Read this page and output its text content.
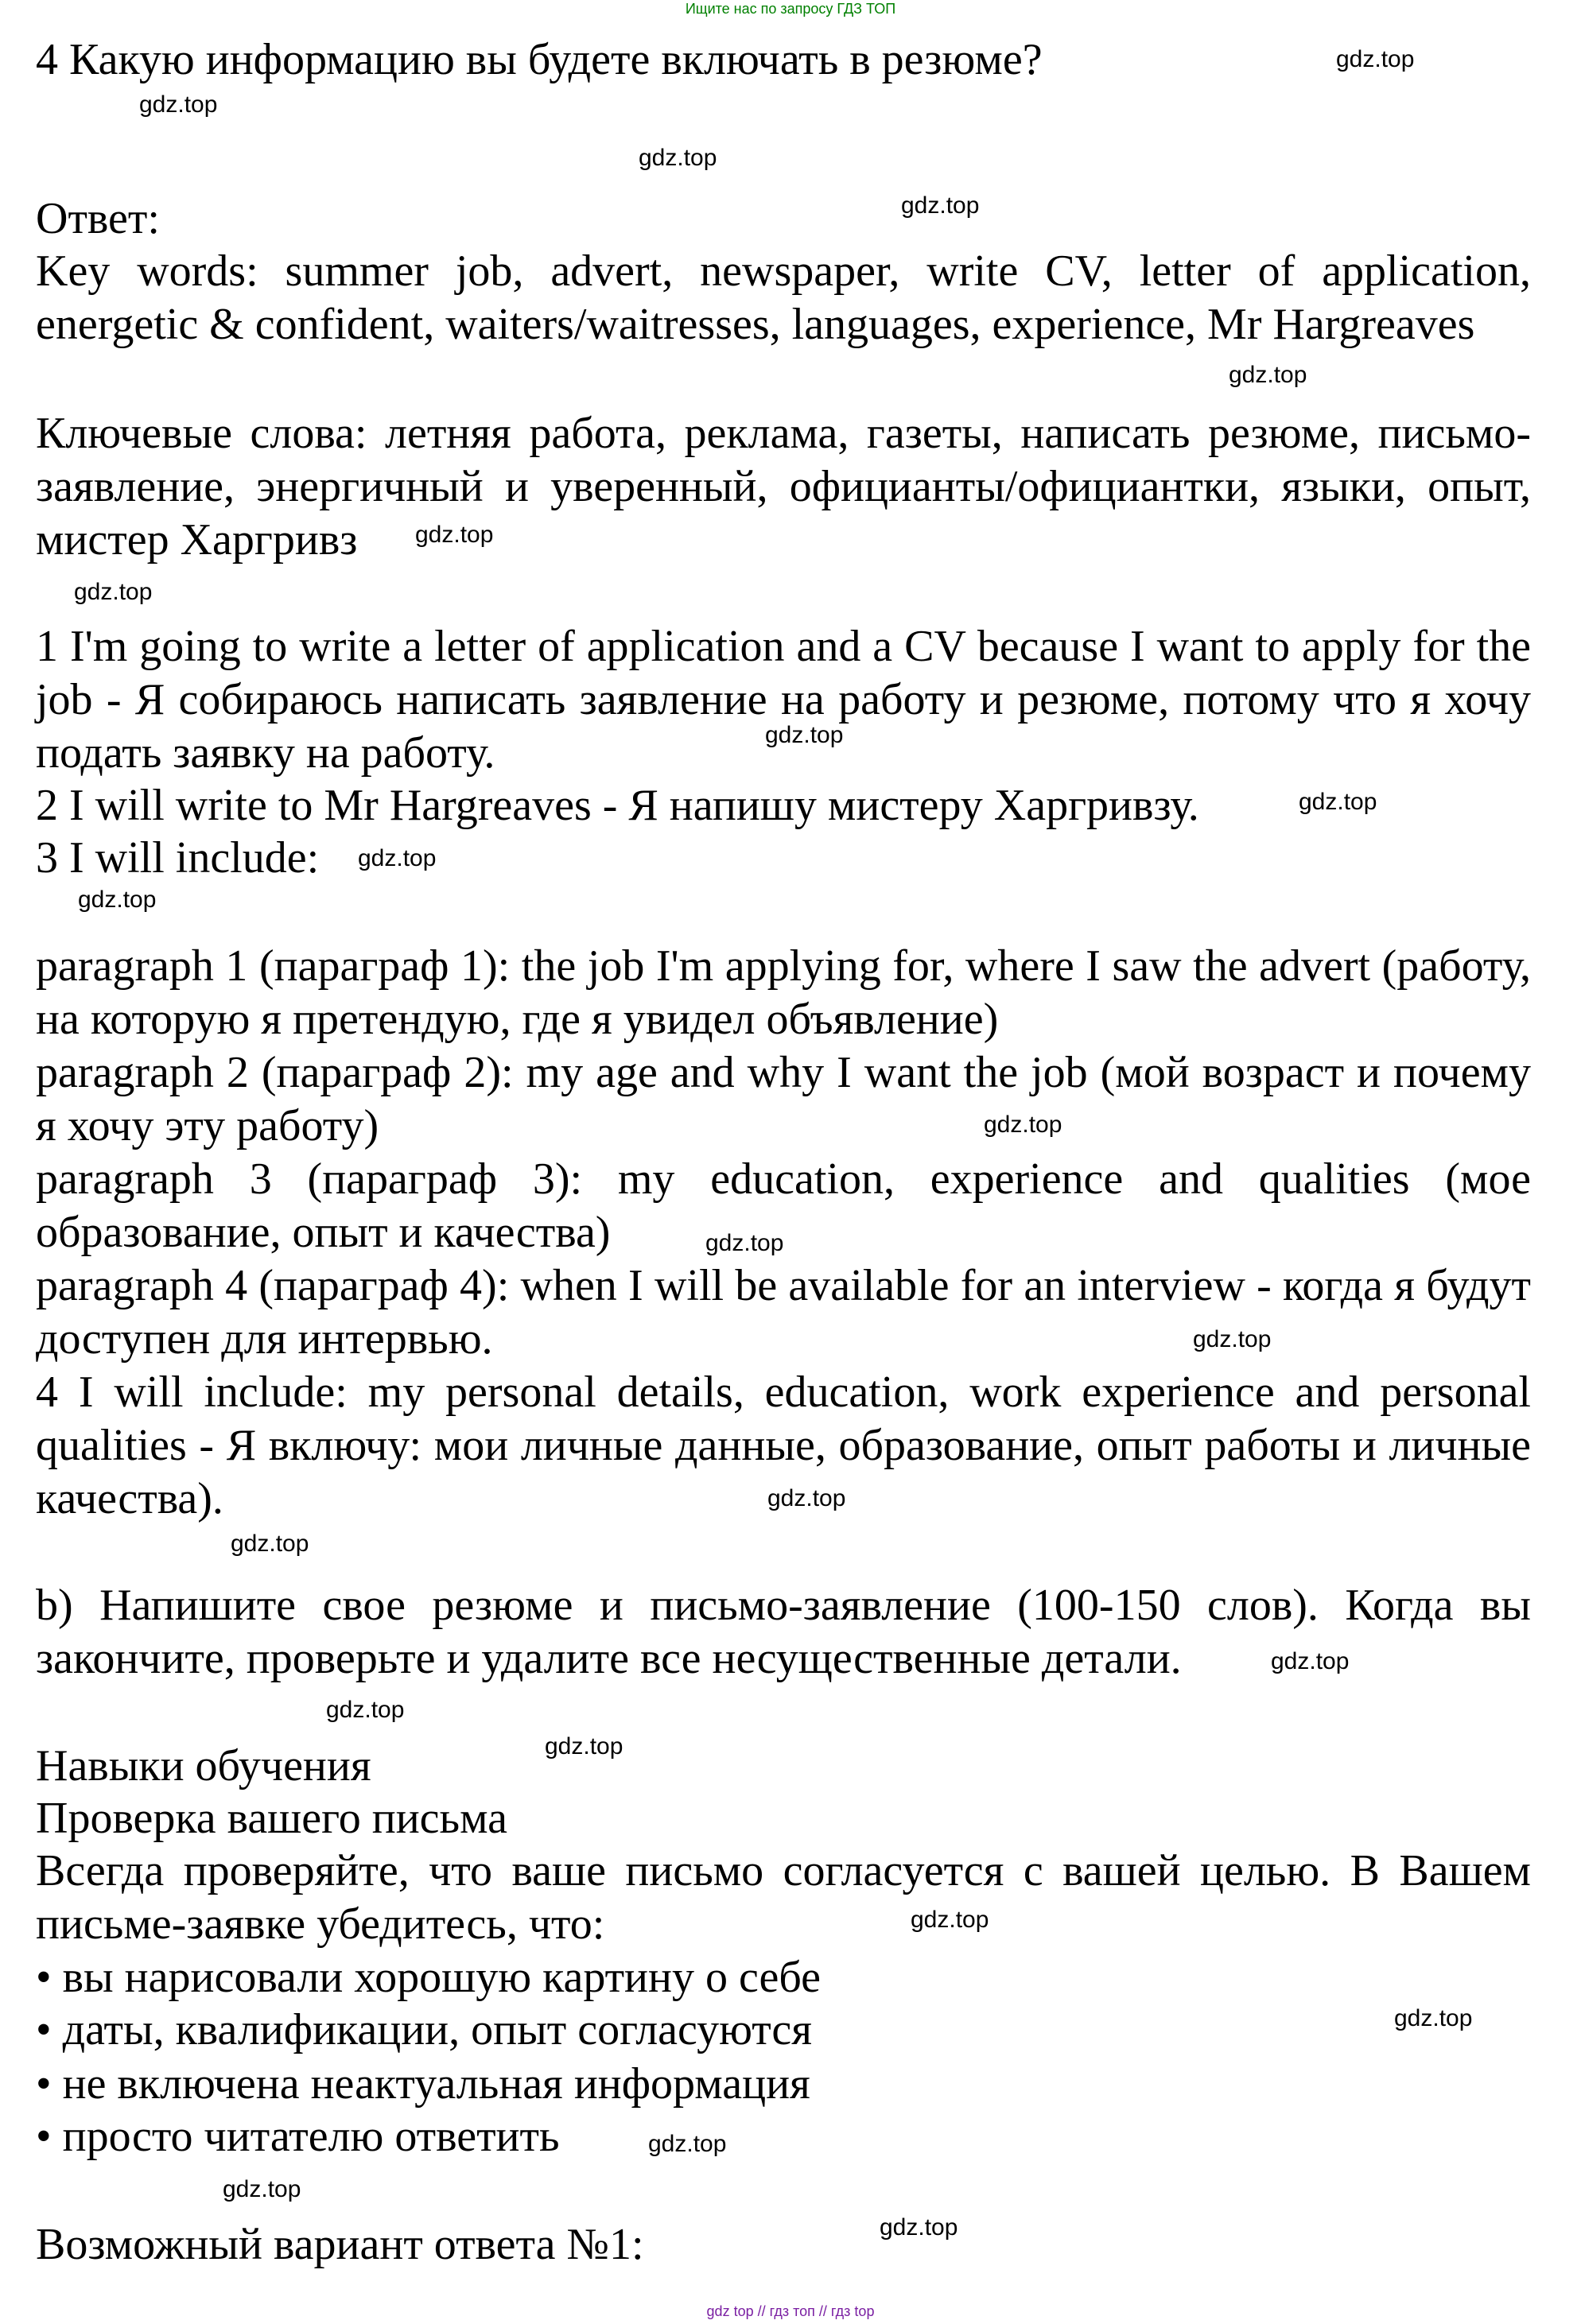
Ищите нас по запросу ГДЗ ТОП

4 Какую информацию вы будете включать в резюме?

Ответ:

Key words: summer job, advert, newspaper, write CV, letter of application, energetic & confident, waiters/waitresses, languages, experience, Mr Hargreaves

Ключевые слова: летняя работа, реклама, газеты, написать резюме, письмо-заявление, энергичный и уверенный, официанты/официантки, языки, опыт, мистер Харгривз

1 I'm going to write a letter of application and a CV because I want to apply for the job - Я собираюсь написать заявление на работу и резюме, потому что я хочу подать заявку на работу.

2 I will write to Mr Hargreaves - Я напишу мистеру Харгривзу.

3 I will include:

paragraph 1 (параграф 1): the job I'm applying for, where I saw the advert (работу, на которую я претендую, где я увидел объявление)

paragraph 2 (параграф 2): my age and why I want the job (мой возраст и почему я хочу эту работу)

paragraph 3 (параграф 3): my education, experience and qualities (мое образование, опыт и качества)

paragraph 4 (параграф 4): when I will be available for an interview - когда я будут доступен для интервью.

4 I will include: my personal details, education, work experience and personal qualities - Я включу: мои личные данные, образование, опыт работы и личные качества).

b) Напишите свое резюме и письмо-заявление (100-150 слов). Когда вы закончите, проверьте и удалите все несущественные детали.

Навыки обучения

Проверка вашего письма

Всегда проверяйте, что ваше письмо согласуется с вашей целью. В Вашем письме-заявке убедитесь, что:

• вы нарисовали хорошую картину о себе

• даты, квалификации, опыт согласуются

• не включена неактуальная информация

• просто читателю ответить

Возможный вариант ответа №1:

gdz.top
gdz.top
gdz.top
gdz.top
gdz.top
gdz.top
gdz.top
gdz.top
gdz.top
gdz.top
gdz.top
gdz.top
gdz.top
gdz.top
gdz.top
gdz.top
gdz.top
gdz.top
gdz.top
gdz.top
gdz.top
gdz.top
gdz.top
gdz.top
gdz top // гдз топ // гдз top
